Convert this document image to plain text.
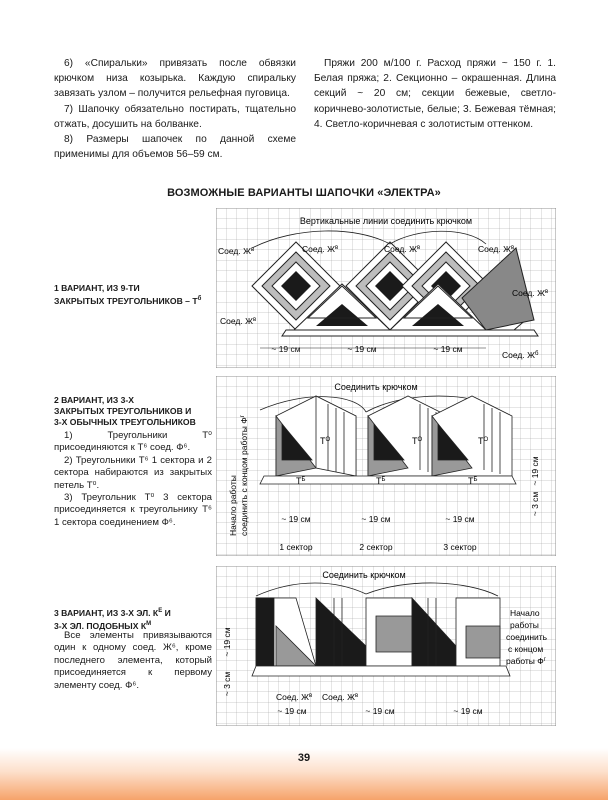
6) «Спиральки» привязать после обвязки крючком низа козырька. Каждую спиральку завязать узлом – получится рельефная пуговица.

7) Шапочку обязательно постирать, тщательно отжать, досушить на болванке.

8) Размеры шапочек по данной схеме применимы для объемов 56–59 см.

Пряжи 200 м/100 г. Расход пряжи ~ 150 г. 1. Белая пряжа; 2. Секционно – окрашенная. Длина секций ~ 20 см; секции бежевые, светло-коричнево-золотистые, белые; 3. Бежевая тёмная; 4. Светло-коричневая с золотистым оттенком.

ВОЗМОЖНЫЕ ВАРИАНТЫ ШАПОЧКИ «ЭЛЕКТРА»
1 ВАРИАНТ, ИЗ 9-ТИ
ЗАКРЫТЫХ ТРЕУГОЛЬНИКОВ – $Т^б$
2 ВАРИАНТ, ИЗ 3-Х
ЗАКРЫТЫХ ТРЕУГОЛЬНИКОВ И
3-Х ОБЫЧНЫХ ТРЕУГОЛЬНИКОВ

1) Треугольники Т⁰ присоединяются к Т⁶ соед. Ф⁶.

2) Треугольники Т⁶ 1 сектора и 2 сектора набираются из закрытых петель Т⁰.

3) Треугольник Т⁰ 3 сектора присоединяется к треугольнику Т⁶ 1 сектора соединением Ф⁶.

3 ВАРИАНТ, ИЗ 3-Х ЭЛ. $К^Е$ И
3-Х ЭЛ. ПОДОБНЫХ $К^М$

Все элементы привязываются один к одному соед. Ж⁶, кроме последнего элемента, который присоединяется к первому элементу соед. Ф⁶.

Вертикальные линии соединить крючком
Соед. $Ж^в$	Соед. $Ж^в$	Соед. $Ж^в$	Соед. $Ж^в$
Соед. $Ж^в$
Соед. $Ж^в$
Соед. $Ж^б$
~ 19 см	~ 19 см	~ 19 см
Соединить крючком
$Т^О$	$Т^О$	$Т^О$
$Т^Б$	$Т^Б$	$Т^Б$
Начало работы соединить с концом работы $Ф^г$
~ 19 см
~ 3 см
~ 19 см	~ 19 см	~ 19 см
1 сектор	2 сектор	3 сектор
Соединить крючком
Начало
работы
соединить
с концом
работы $Ф^г$
Соед. $Ж^в$ Соед. $Ж^в$
~ 19 см
~ 3 см
~ 19 см	~ 19 см	~ 19 см
39
